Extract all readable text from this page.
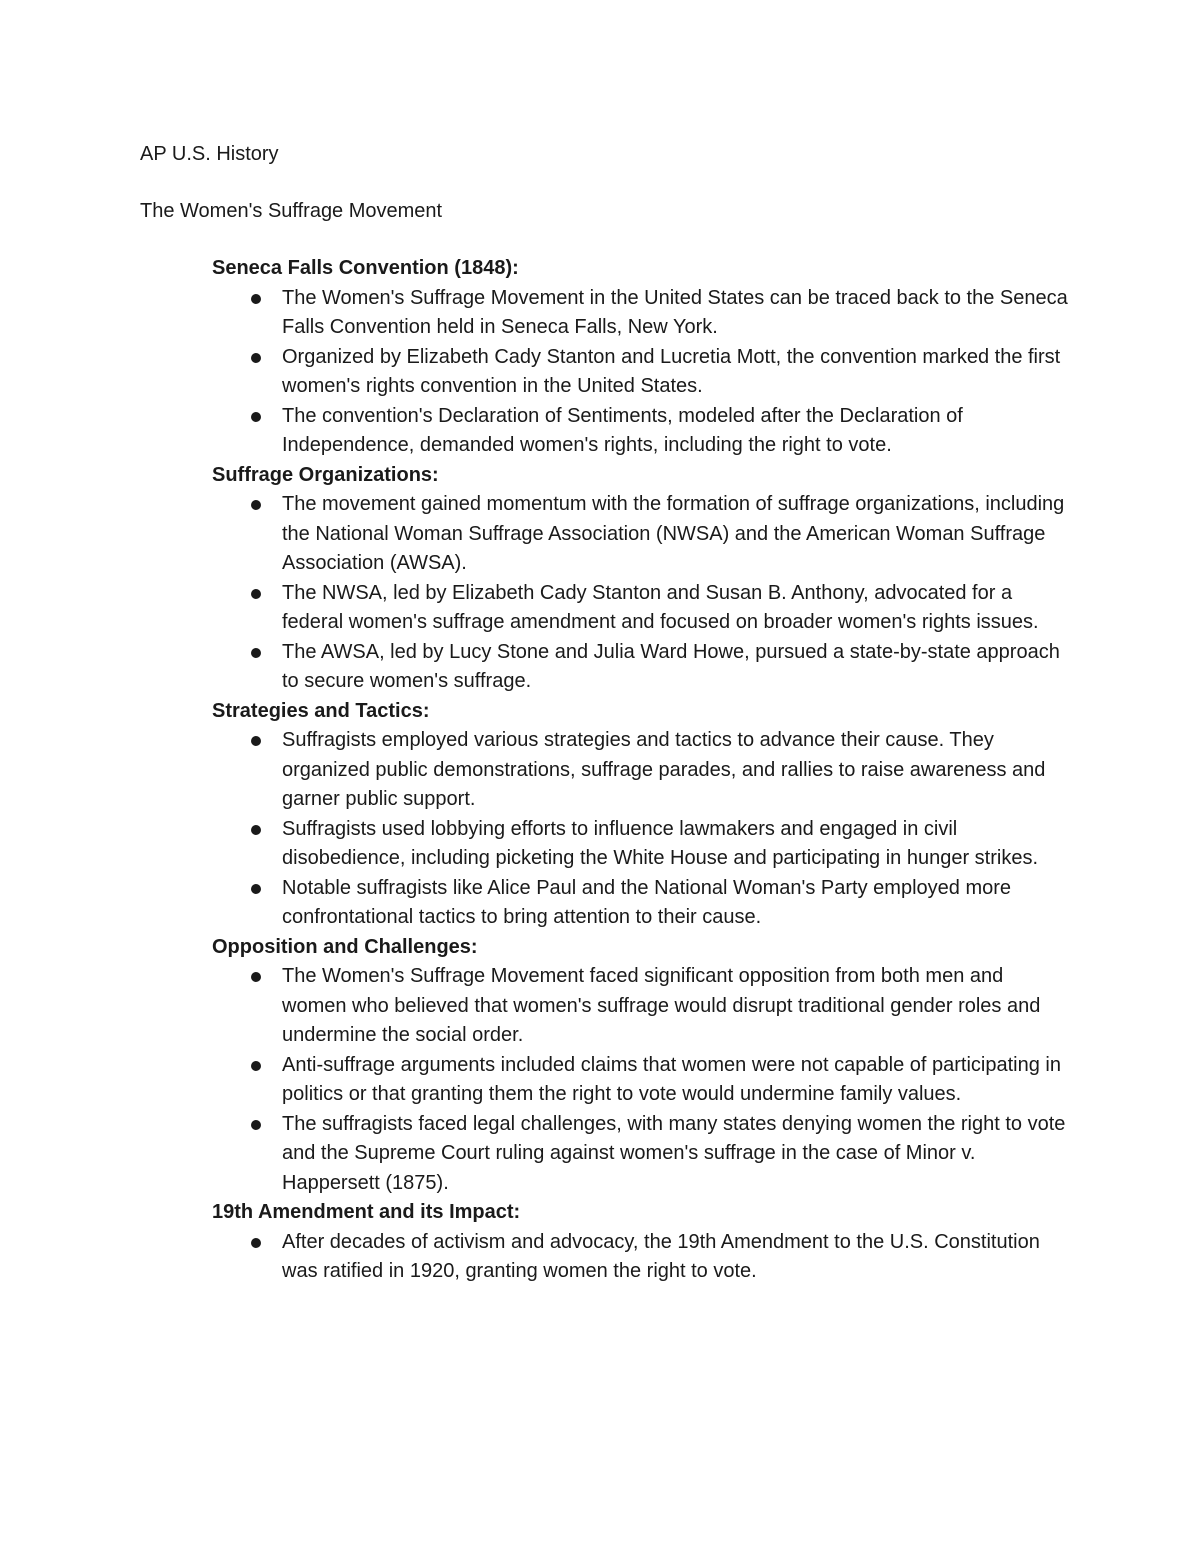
AP U.S. History

The Women's Suffrage Movement

Seneca Falls Convention (1848):

The Women's Suffrage Movement in the United States can be traced back to the Seneca Falls Convention held in Seneca Falls, New York.
Organized by Elizabeth Cady Stanton and Lucretia Mott, the convention marked the first women's rights convention in the United States.
The convention's Declaration of Sentiments, modeled after the Declaration of Independence, demanded women's rights, including the right to vote.

Suffrage Organizations:

The movement gained momentum with the formation of suffrage organizations, including the National Woman Suffrage Association (NWSA) and the American Woman Suffrage Association (AWSA).
The NWSA, led by Elizabeth Cady Stanton and Susan B. Anthony, advocated for a federal women's suffrage amendment and focused on broader women's rights issues.
The AWSA, led by Lucy Stone and Julia Ward Howe, pursued a state-by-state approach to secure women's suffrage.

Strategies and Tactics:

Suffragists employed various strategies and tactics to advance their cause. They organized public demonstrations, suffrage parades, and rallies to raise awareness and garner public support.
Suffragists used lobbying efforts to influence lawmakers and engaged in civil disobedience, including picketing the White House and participating in hunger strikes.
Notable suffragists like Alice Paul and the National Woman's Party employed more confrontational tactics to bring attention to their cause.

Opposition and Challenges:

The Women's Suffrage Movement faced significant opposition from both men and women who believed that women's suffrage would disrupt traditional gender roles and undermine the social order.
Anti-suffrage arguments included claims that women were not capable of participating in politics or that granting them the right to vote would undermine family values.
The suffragists faced legal challenges, with many states denying women the right to vote and the Supreme Court ruling against women's suffrage in the case of Minor v. Happersett (1875).

19th Amendment and its Impact:

After decades of activism and advocacy, the 19th Amendment to the U.S. Constitution was ratified in 1920, granting women the right to vote.
